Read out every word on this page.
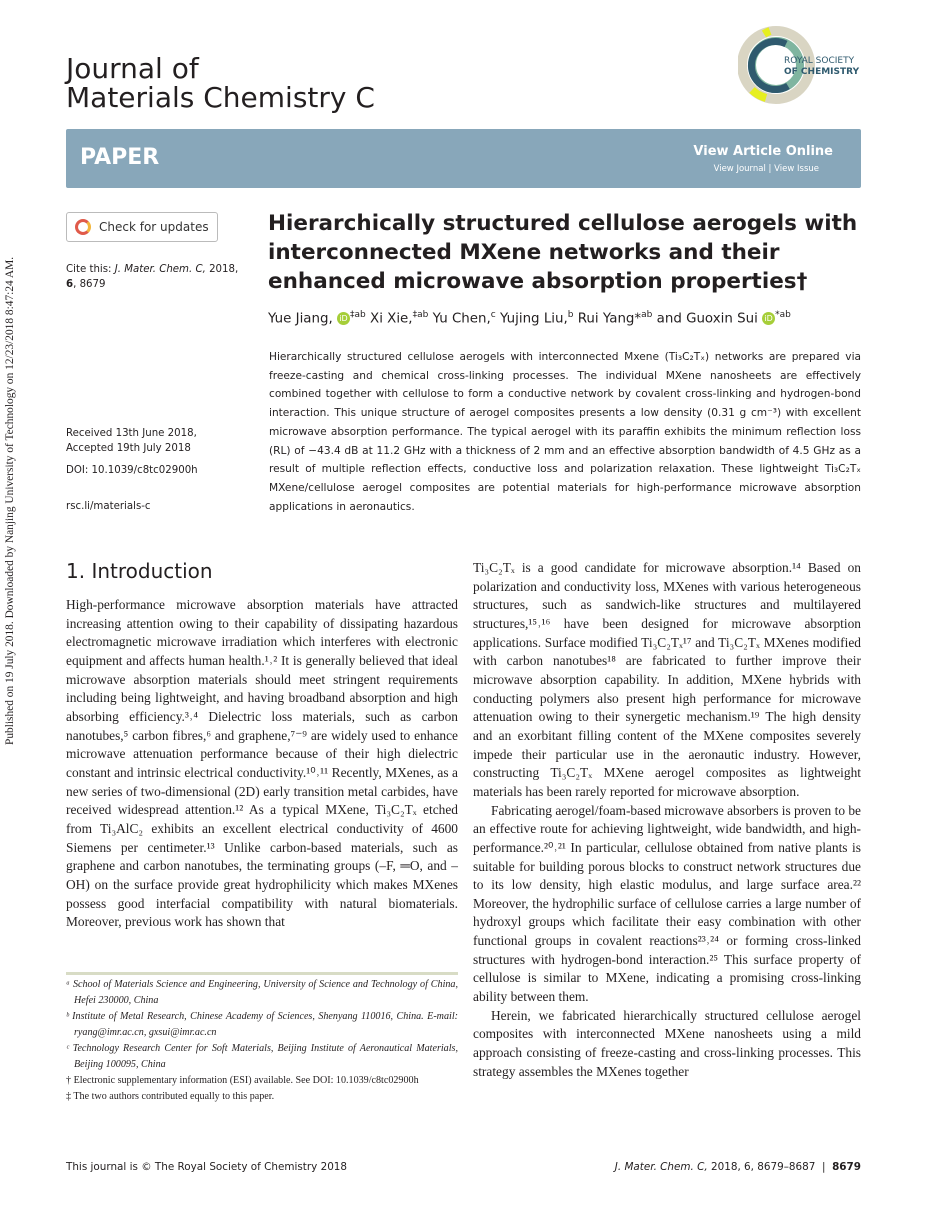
Published on 19 July 2018. Downloaded by Nanjing University of Technology on 12/23/2018 8:47:24 AM.
Journal of
Materials Chemistry C
ROYAL SOCIETY
OF CHEMISTRY
PAPER	View Article Online
View Journal | View Issue
Check for updates
Cite this: J. Mater. Chem. C, 2018,
6, 8679
Received 13th June 2018,
Accepted 19th July 2018
DOI: 10.1039/c8tc02900h
rsc.li/materials-c
Hierarchically structured cellulose aerogels with interconnected MXene networks and their enhanced microwave absorption properties†
Yue Jiang, iD $^{\ddagger ab}$ Xi Xie,$^{\ddagger ab}$ Yu Chen,$^c$ Yujing Liu,$^b$ Rui Yang*$^{ab}$ and Guoxin Sui iD $^{*ab}$
Hierarchically structured cellulose aerogels with interconnected Mxene (Ti₃C₂Tₓ) networks are prepared via freeze-casting and chemical cross-linking processes. The individual MXene nanosheets are effectively combined together with cellulose to form a conductive network by covalent cross-linking and hydrogen-bond interaction. This unique structure of aerogel composites presents a low density (0.31 g cm⁻³) with excellent microwave absorption performance. The typical aerogel with its paraffin exhibits the minimum reflection loss (RL) of −43.4 dB at 11.2 GHz with a thickness of 2 mm and an effective absorption bandwidth of 4.5 GHz as a result of multiple reflection effects, conductive loss and polarization relaxation. These lightweight Ti₃C₂Tₓ MXene/cellulose aerogel composites are potential materials for high-performance microwave absorption applications in aeronautics.
1. Introduction

High-performance microwave absorption materials have attracted increasing attention owing to their capability of dissipating hazardous electromagnetic microwave irradiation which interferes with electronic equipment and affects human health.¹˒² It is generally believed that ideal microwave absorption materials should meet stringent requirements including being lightweight, and having broadband absorption and high absorbing efficiency.³˒⁴ Dielectric loss materials, such as carbon nanotubes,⁵ carbon fibres,⁶ and graphene,⁷⁻⁹ are widely used to enhance microwave attenuation performance because of their high dielectric constant and intrinsic electrical conductivity.¹⁰˒¹¹ Recently, MXenes, as a new series of two-dimensional (2D) early transition metal carbides, have received widespread attention.¹² As a typical MXene, Ti₃C₂Tₓ etched from Ti₃AlC₂ exhibits an excellent electrical conductivity of 4600 Siemens per centimeter.¹³ Unlike carbon-based materials, such as graphene and carbon nanotubes, the terminating groups (–F, ═O, and –OH) on the surface provide great hydrophilicity which makes MXenes possess good interfacial compatibility with natural biomaterials. Moreover, previous work has shown that

Ti₃C₂Tₓ is a good candidate for microwave absorption.¹⁴ Based on polarization and conductivity loss, MXenes with various heterogeneous structures, such as sandwich-like structures and multilayered structures,¹⁵˒¹⁶ have been designed for microwave absorption applications. Surface modified Ti₃C₂Tₓ¹⁷ and Ti₃C₂Tₓ MXenes modified with carbon nanotubes¹⁸ are fabricated to further improve their microwave absorption capability. In addition, MXene hybrids with conducting polymers also present high performance for microwave attenuation owing to their synergetic mechanism.¹⁹ The high density and an exorbitant filling content of the MXene composites severely impede their particular use in the aeronautic industry. However, constructing Ti₃C₂Tₓ MXene aerogel composites as lightweight materials has been rarely reported for microwave absorption.

Fabricating aerogel/foam-based microwave absorbers is proven to be an effective route for achieving lightweight, wide bandwidth, and high-performance.²⁰˒²¹ In particular, cellulose obtained from native plants is suitable for building porous blocks to construct network structures due to its low density, high elastic modulus, and large surface area.²² Moreover, the hydrophilic surface of cellulose carries a large number of hydroxyl groups which facilitate their easy combination with other functional groups in covalent reactions²³˒²⁴ or forming cross-linked structures with hydrogen-bond interaction.²⁵ This surface property of cellulose is similar to MXene, indicating a promising cross-linking ability between them.

Herein, we fabricated hierarchically structured cellulose aerogel composites with interconnected MXene nanosheets using a mild approach consisting of freeze-casting and cross-linking processes. This strategy assembles the MXenes together

ᵃ School of Materials Science and Engineering, University of Science and Technology of China, Hefei 230000, China
ᵇ Institute of Metal Research, Chinese Academy of Sciences, Shenyang 110016, China. E-mail: ryang@imr.ac.cn, gxsui@imr.ac.cn
ᶜ Technology Research Center for Soft Materials, Beijing Institute of Aeronautical Materials, Beijing 100095, China
† Electronic supplementary information (ESI) available. See DOI: 10.1039/c8tc02900h
‡ The two authors contributed equally to this paper.
This journal is © The Royal Society of Chemistry 2018	J. Mater. Chem. C, 2018, 6, 8679–8687  |  8679
